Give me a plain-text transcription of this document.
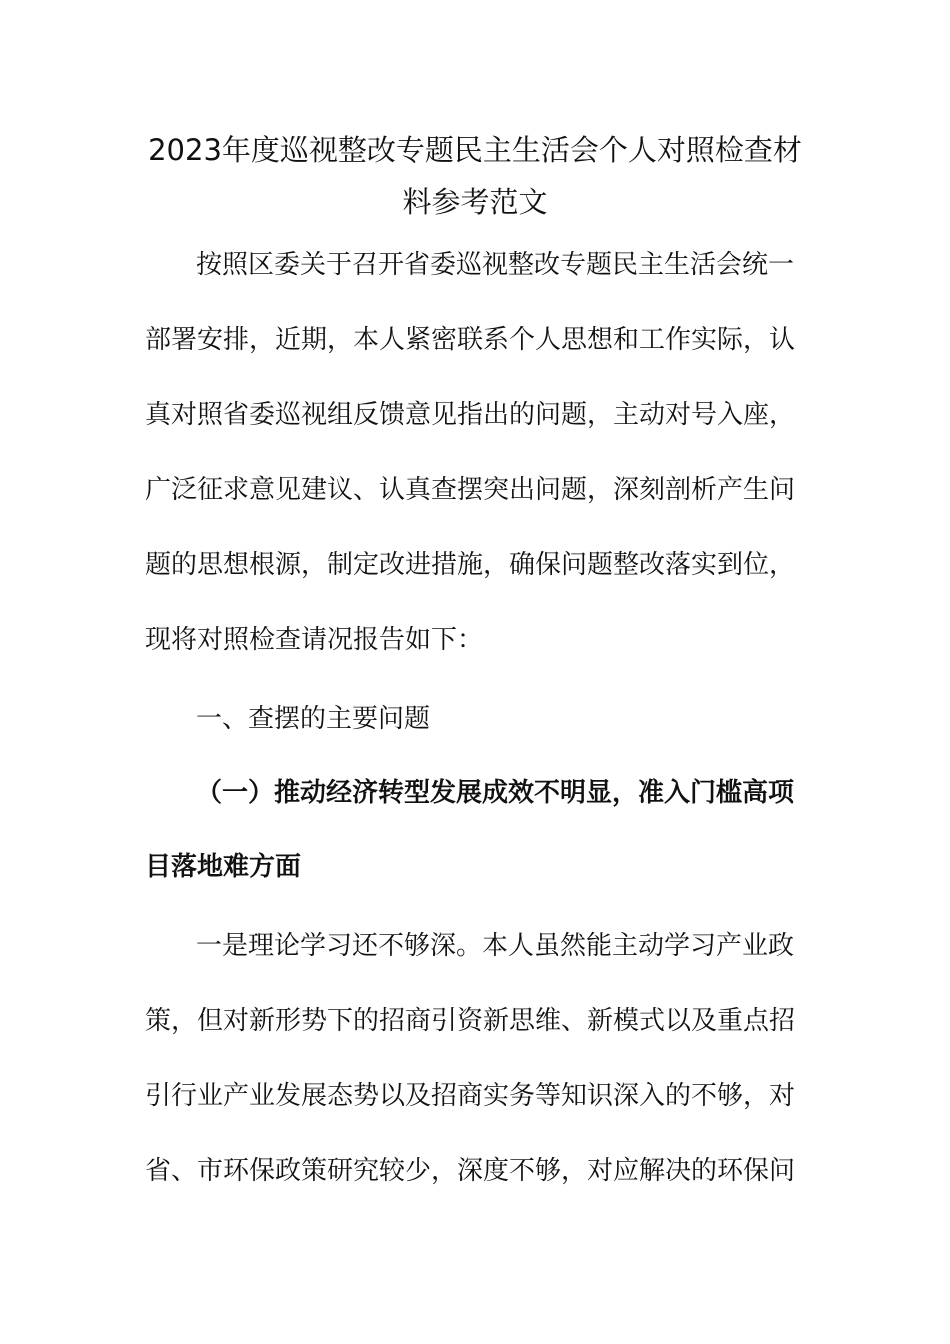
2023年度巡视整改专题民主生活会个人对照检查材
料参考范文
按照区委关于召开省委巡视整改专题民主生活会统一
部署安排，近期，本人紧密联系个人思想和工作实际，认
真对照省委巡视组反馈意见指出的问题，主动对号入座，
广泛征求意见建议、认真查摆突出问题，深刻剖析产生问
题的思想根源，制定改进措施，确保问题整改落实到位，
现将对照检查请况报告如下：
一、查摆的主要问题
（一）推动经济转型发展成效不明显，准入门槛高项
目落地难方面
一是理论学习还不够深。本人虽然能主动学习产业政
策，但对新形势下的招商引资新思维、新模式以及重点招
引行业产业发展态势以及招商实务等知识深入的不够，对
省、市环保政策研究较少，深度不够，对应解决的环保问
